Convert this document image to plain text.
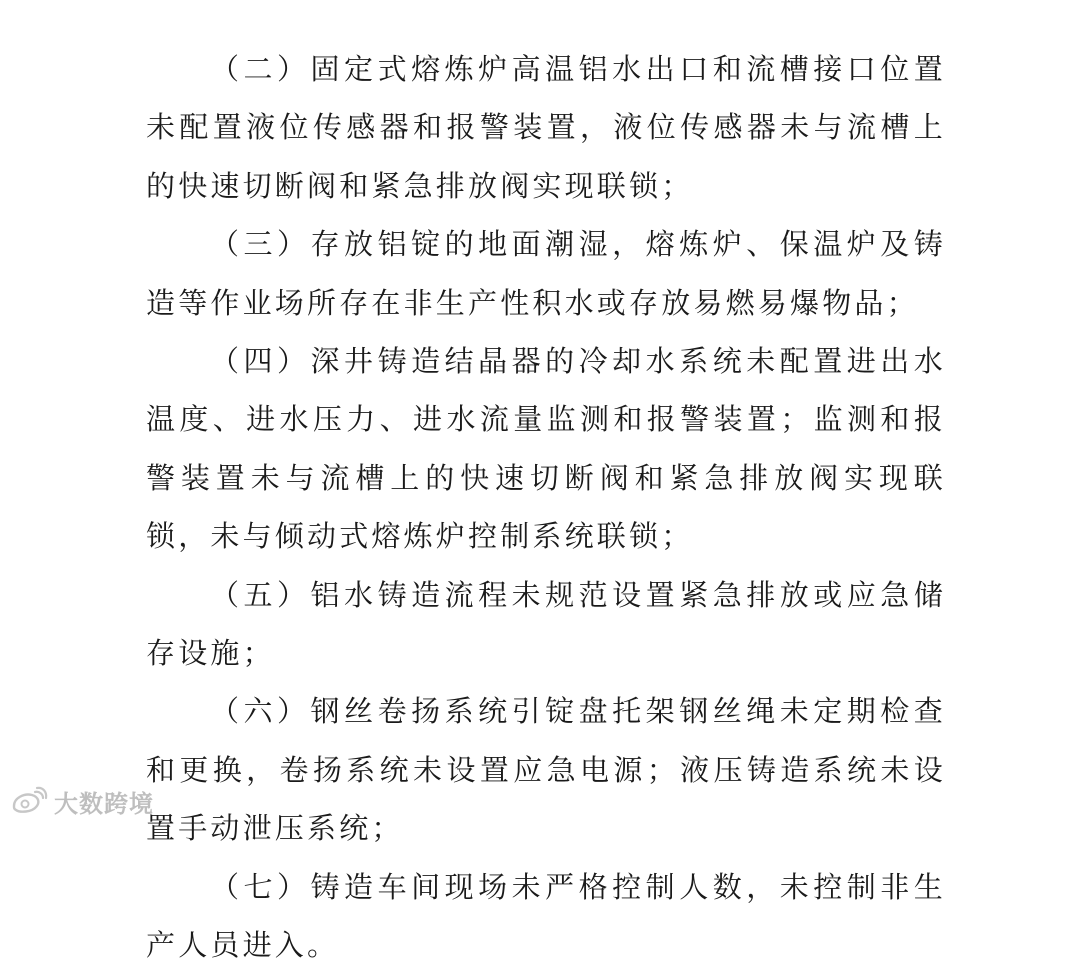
（二）固定式熔炼炉高温铝水出口和流槽接口位置未配置液位传感器和报警装置，液位传感器未与流槽上的快速切断阀和紧急排放阀实现联锁；

（三）存放铝锭的地面潮湿，熔炼炉、保温炉及铸造等作业场所存在非生产性积水或存放易燃易爆物品；

（四）深井铸造结晶器的冷却水系统未配置进出水温度、进水压力、进水流量监测和报警装置；监测和报警装置未与流槽上的快速切断阀和紧急排放阀实现联锁，未与倾动式熔炼炉控制系统联锁；

（五）铝水铸造流程未规范设置紧急排放或应急储存设施；

（六）钢丝卷扬系统引锭盘托架钢丝绳未定期检查和更换，卷扬系统未设置应急电源；液压铸造系统未设置手动泄压系统；

（七）铸造车间现场未严格控制人数，未控制非生产人员进入。

大数跨境
